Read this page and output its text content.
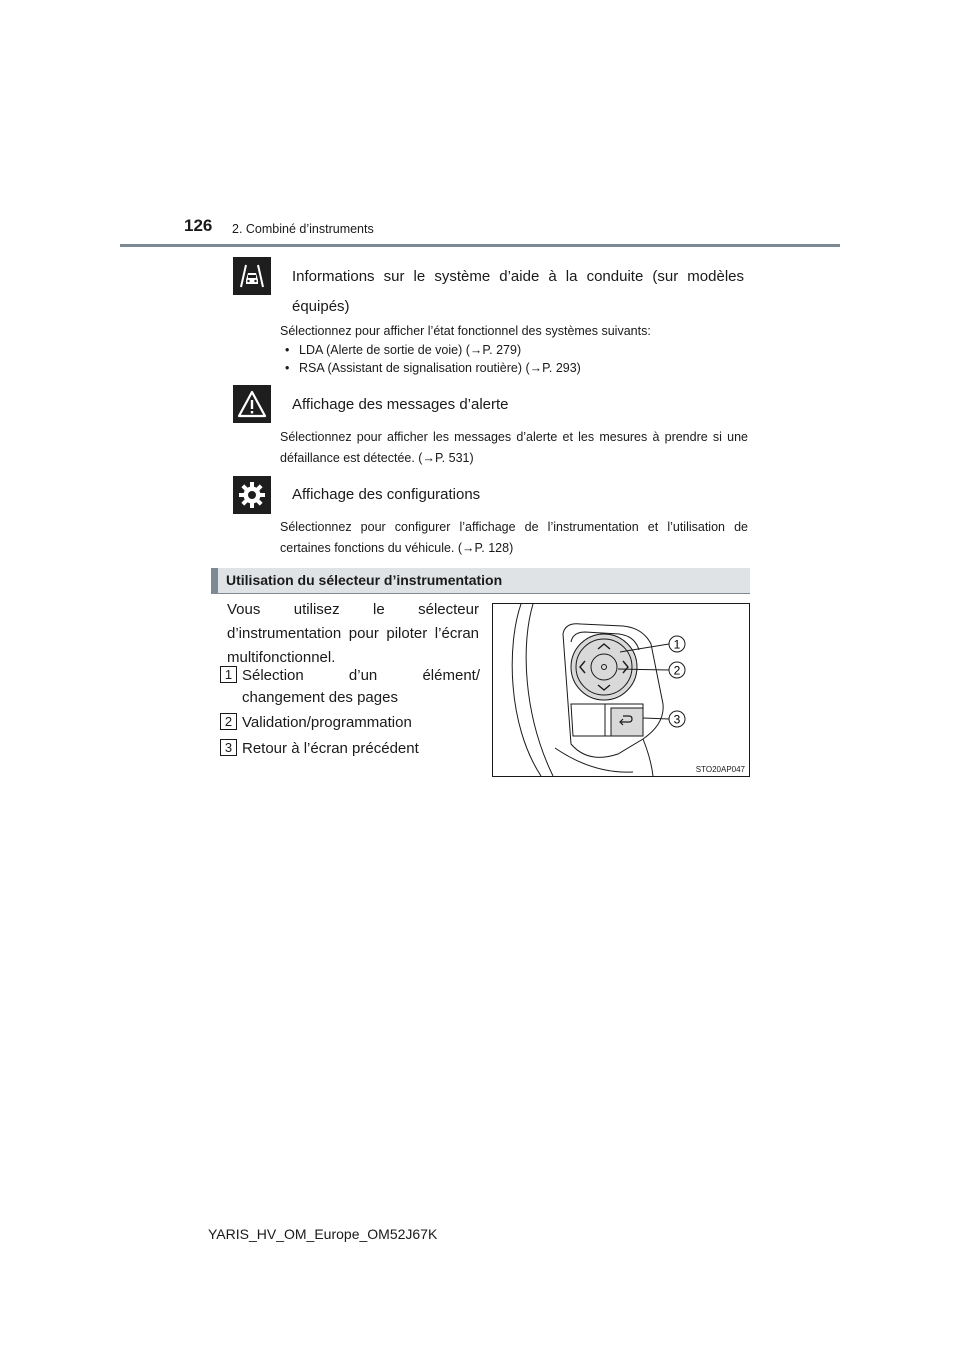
126 2. Combiné d’instruments
Informations sur le système d’aide à la conduite (sur modèles équipés)
Sélectionnez pour afficher l’état fonctionnel des systèmes suivants:
• LDA (Alerte de sortie de voie) (→P. 279)
• RSA (Assistant de signalisation routière) (→P. 293)
Affichage des messages d’alerte
Sélectionnez pour afficher les messages d’alerte et les mesures à prendre si une défaillance est détectée. (→P. 531)
Affichage des configurations
Sélectionnez pour configurer l’affichage de l’instrumentation et l’utilisation de certaines fonctions du véhicule. (→P. 128)
Utilisation du sélecteur d’instrumentation
Vous utilisez le sélecteur d’instrumentation pour piloter l’écran multifonctionnel.
1 Sélection d’un élément/ changement des pages
2 Validation/programmation
3 Retour à l’écran précédent
1
2
3
STO20AP047
YARIS_HV_OM_Europe_OM52J67K
